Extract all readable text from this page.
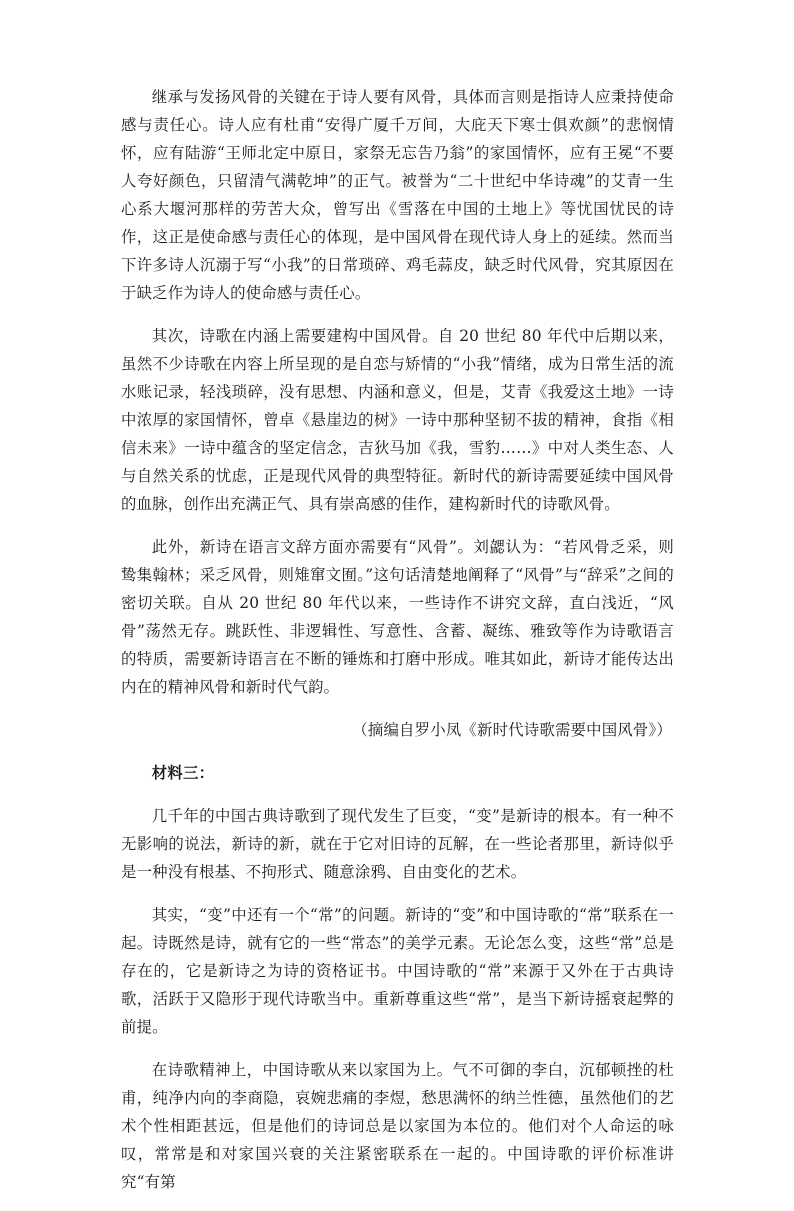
继承与发扬风骨的关键在于诗人要有风骨，具体而言则是指诗人应秉持使命感与责任心。诗人应有杜甫“安得广厦千万间，大庇天下寒士俱欢颜”的悲悯情怀，应有陆游“王师北定中原日，家祭无忘告乃翁”的家国情怀，应有王冕“不要人夸好颜色，只留清气满乾坤”的正气。被誉为“二十世纪中华诗魂”的艾青一生心系大堰河那样的劳苦大众，曾写出《雪落在中国的土地上》等忧国忧民的诗作，这正是使命感与责任心的体现，是中国风骨在现代诗人身上的延续。然而当下许多诗人沉溺于写“小我”的日常琐碎、鸡毛蒜皮，缺乏时代风骨，究其原因在于缺乏作为诗人的使命感与责任心。

其次，诗歌在内涵上需要建构中国风骨。自 20 世纪 80 年代中后期以来，虽然不少诗歌在内容上所呈现的是自恋与矫情的“小我”情绪，成为日常生活的流水账记录，轻浅琐碎，没有思想、内涵和意义，但是，艾青《我爱这土地》一诗中浓厚的家国情怀，曾卓《悬崖边的树》一诗中那种坚韧不拔的精神，食指《相信未来》一诗中蕴含的坚定信念，吉狄马加《我，雪豹……》中对人类生态、人与自然关系的忧虑，正是现代风骨的典型特征。新时代的新诗需要延续中国风骨的血脉，创作出充满正气、具有崇高感的佳作，建构新时代的诗歌风骨。

此外，新诗在语言文辞方面亦需要有“风骨”。刘勰认为：“若风骨乏采，则鸷集翰林；采乏风骨，则雉窜文囿。”这句话清楚地阐释了“风骨”与“辞采”之间的密切关联。自从 20 世纪 80 年代以来，一些诗作不讲究文辞，直白浅近，“风骨”荡然无存。跳跃性、非逻辑性、写意性、含蓄、凝练、雅致等作为诗歌语言的特质，需要新诗语言在不断的锤炼和打磨中形成。唯其如此，新诗才能传达出内在的精神风骨和新时代气韵。

（摘编自罗小凤《新时代诗歌需要中国风骨》）

材料三：

几千年的中国古典诗歌到了现代发生了巨变，“变”是新诗的根本。有一种不无影响的说法，新诗的新，就在于它对旧诗的瓦解，在一些论者那里，新诗似乎是一种没有根基、不拘形式、随意涂鸦、自由变化的艺术。

其实，“变”中还有一个“常”的问题。新诗的“变”和中国诗歌的“常”联系在一起。诗既然是诗，就有它的一些“常态”的美学元素。无论怎么变，这些“常”总是存在的，它是新诗之为诗的资格证书。中国诗歌的“常”来源于又外在于古典诗歌，活跃于又隐形于现代诗歌当中。重新尊重这些“常”，是当下新诗摇衰起弊的前提。

在诗歌精神上，中国诗歌从来以家国为上。气不可御的李白，沉郁顿挫的杜甫，纯净内向的李商隐，哀婉悲痛的李煜，愁思满怀的纳兰性德，虽然他们的艺术个性相距甚远，但是他们的诗词总是以家国为本位的。他们对个人命运的咏叹，常常是和对家国兴衰的关注紧密联系在一起的。中国诗歌的评价标准讲究“有第
